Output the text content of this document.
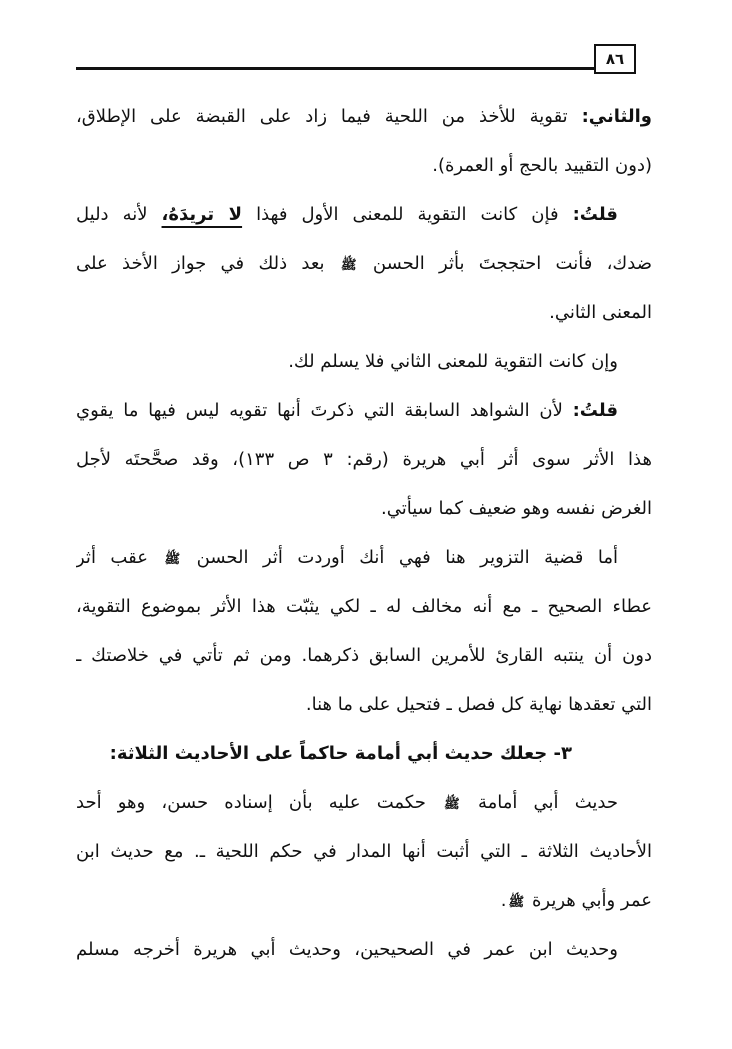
٨٦
والثاني: تقوية للأخذ من اللحية فيما زاد على القبضة على الإطلاق،
(دون التقييد بالحج أو العمرة).
قلتُ: فإن كانت التقوية للمعنى الأول فهذا لا تريدَهُ، لأنه دليل
ضدك، فأنت احتججتَ بأثر الحسن ﷺ بعد ذلك في جواز الأخذ على
المعنى الثاني.
وإن كانت التقوية للمعنى الثاني فلا يسلم لك.
قلتُ: لأن الشواهد السابقة التي ذكرتَ أنها تقويه ليس فيها ما يقوي
هذا الأثر سوى أثر أبي هريرة (رقم: ٣ ص ١٣٣)، وقد صحَّحتَه لأجل
الغرض نفسه وهو ضعيف كما سيأتي.
أما قضية التزوير هنا فهي أنك أوردت أثر الحسن ﷺ عقب أثر
عطاء الصحيح ـ مع أنه مخالف له ـ لكي يثبّت هذا الأثر بموضوع التقوية،
دون أن ينتبه القارئ للأمرين السابق ذكرهما. ومن ثم تأتي في خلاصتك ـ
التي تعقدها نهاية كل فصل ـ فتحيل على ما هنا.
٣- جعلك حديث أبي أمامة حاكماً على الأحاديث الثلاثة:
حديث أبي أمامة ﷺ حكمت عليه بأن إسناده حسن، وهو أحد
الأحاديث الثلاثة ـ التي أثبت أنها المدار في حكم اللحية ـ. مع حديث ابن
عمر وأبي هريرة ﷺ.
وحديث ابن عمر في الصحيحين، وحديث أبي هريرة أخرجه مسلم
